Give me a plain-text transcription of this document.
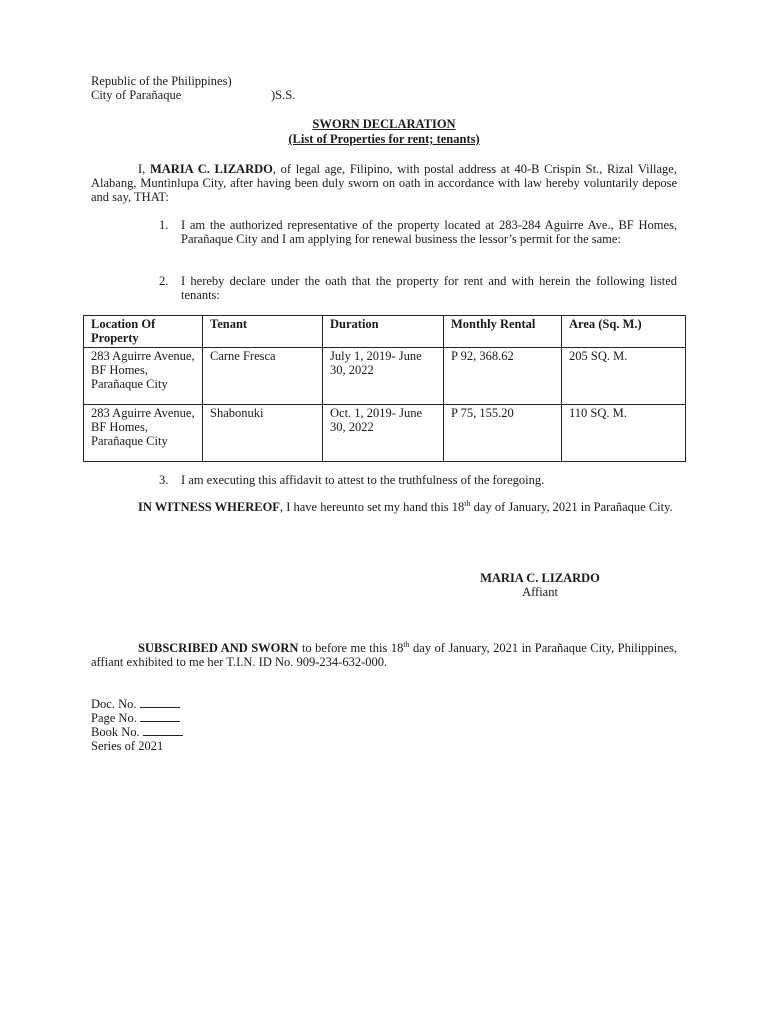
Republic of the Philippines)
City of Parañaque	)S.S.
SWORN DECLARATION
(List of Properties for rent; tenants)
I, MARIA C. LIZARDO, of legal age, Filipino, with postal address at 40-B Crispin St., Rizal Village, Alabang, Muntinlupa City, after having been duly sworn on oath in accordance with law hereby voluntarily depose and say, THAT:
1. I am the authorized representative of the property located at 283-284 Aguirre Ave., BF Homes, Parañaque City and I am applying for renewal business the lessor’s permit for the same:
2. I hereby declare under the oath that the property for rent and with herein the following listed tenants:
Location Of Property	Tenant	Duration	Monthly Rental	Area (Sq. M.)
283 Aguirre Avenue, BF Homes, Parañaque City	Carne Fresca	July 1, 2019- June 30, 2022	P 92, 368.62	205 SQ. M.
283 Aguirre Avenue, BF Homes, Parañaque City	Shabonuki	Oct. 1, 2019- June 30, 2022	P 75, 155.20	110 SQ. M.
3. I am executing this affidavit to attest to the truthfulness of the foregoing.
IN WITNESS WHEREOF, I have hereunto set my hand this 18th day of January, 2021 in Parañaque City.
MARIA C. LIZARDO
Affiant
SUBSCRIBED AND SWORN to before me this 18th day of January, 2021 in Parañaque City, Philippines, affiant exhibited to me her T.I.N. ID No. 909-234-632-000.
Doc. No.
Page No.
Book No.
Series of 2021
